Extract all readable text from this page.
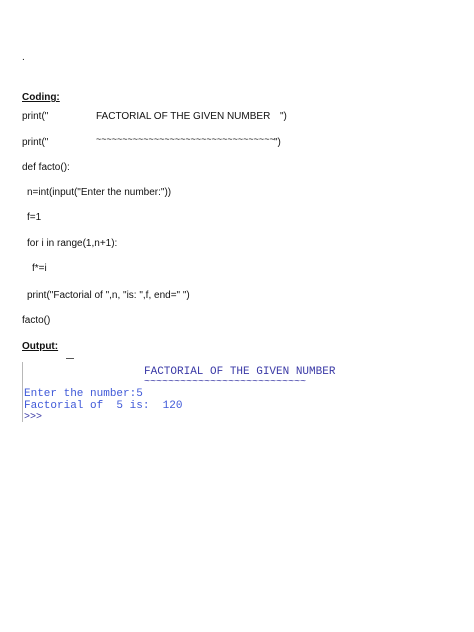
.
Coding:
print("	FACTORIAL OF THE GIVEN NUMBER ")
print("	~~~~~~~~~~~~~~~~~~~~~~~~~~~~~~~~~~ ")
def facto():
n=int(input("Enter the number:"))
f=1
for i in range(1,n+1):
f*=i
print("Factorial of ",n, "is: ",f, end=" ")
facto()
Output:
FACTORIAL OF THE GIVEN NUMBER
~~~~~~~~~~~~~~~~~~~~~~~~~~~
Enter the number:5
Factorial of  5 is:  120
>>>
